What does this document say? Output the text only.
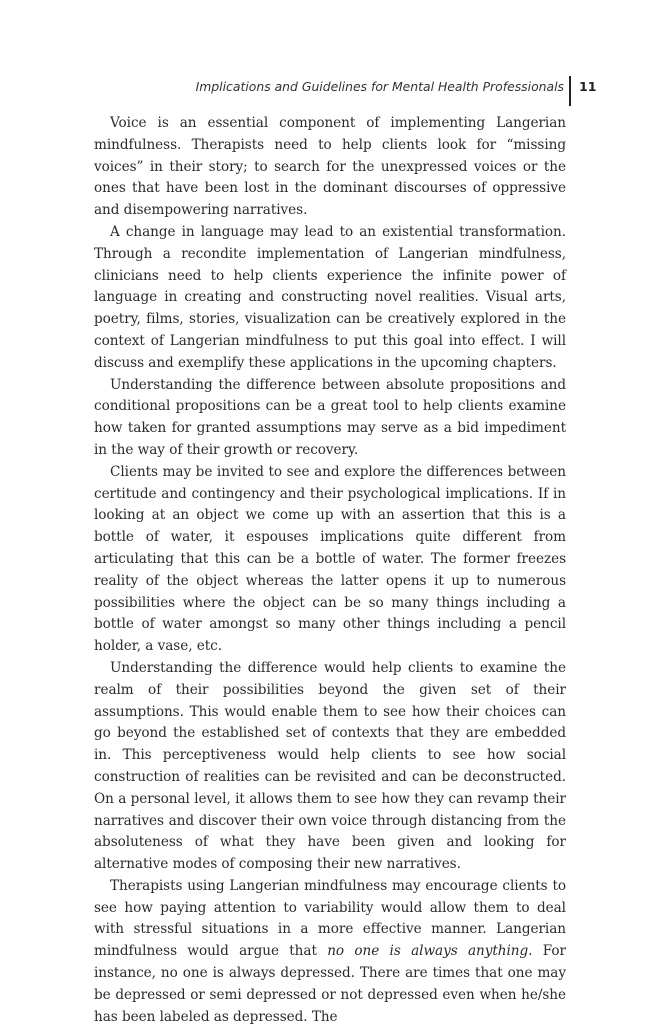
Implications and Guidelines for Mental Health Professionals 11

Voice is an essential component of implementing Langerian mindfulness. Therapists need to help clients look for “missing voices” in their story; to search for the unexpressed voices or the ones that have been lost in the dominant discourses of oppressive and disempowering narratives.

A change in language may lead to an existential transformation. Through a recondite implementation of Langerian mindfulness, clinicians need to help clients experience the infinite power of language in creating and constructing novel realities. Visual arts, poetry, films, stories, visualization can be creatively explored in the context of Langerian mindfulness to put this goal into effect. I will discuss and exemplify these applications in the upcoming chapters.

Understanding the difference between absolute propositions and conditional propositions can be a great tool to help clients examine how taken for granted assumptions may serve as a bid impediment in the way of their growth or recovery.

Clients may be invited to see and explore the differences between certitude and contingency and their psychological implications. If in looking at an object we come up with an assertion that this is a bottle of water, it espouses implications quite different from articulating that this can be a bottle of water. The former freezes reality of the object whereas the latter opens it up to numerous possibilities where the object can be so many things including a bottle of water amongst so many other things including a pencil holder, a vase, etc.

Understanding the difference would help clients to examine the realm of their possibilities beyond the given set of their assumptions. This would enable them to see how their choices can go beyond the established set of contexts that they are embedded in. This perceptiveness would help clients to see how social construction of realities can be revisited and can be deconstructed. On a personal level, it allows them to see how they can revamp their narratives and discover their own voice through distancing from the absoluteness of what they have been given and looking for alternative modes of composing their new narratives.

Therapists using Langerian mindfulness may encourage clients to see how paying attention to variability would allow them to deal with stressful situations in a more effective manner. Langerian mindfulness would argue that no one is always anything. For instance, no one is always depressed. There are times that one may be depressed or semi depressed or not depressed even when he/she has been labeled as depressed. The
